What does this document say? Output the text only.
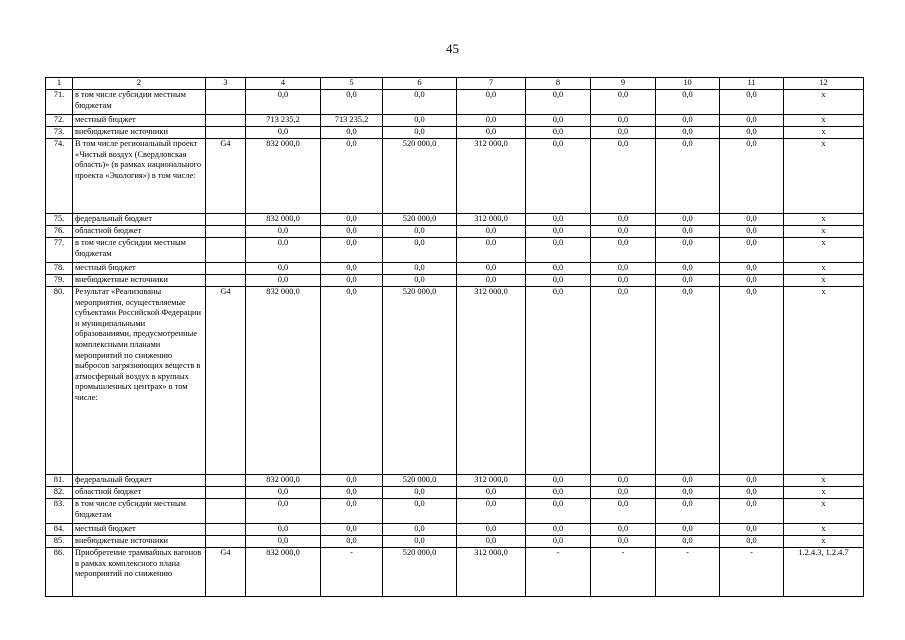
45
1	2	3	4	5	6	7	8	9	10	11	12
71.	в том числе субсидии местным бюджетам		0,0	0,0	0,0	0,0	0,0	0,0	0,0	0,0	х
72.	местный бюджет		713 235,2	713 235,2	0,0	0,0	0,0	0,0	0,0	0,0	х
73.	внебюджетные источники		0,0	0,0	0,0	0,0	0,0	0,0	0,0	0,0	х
74.	В том числе региональный проект «Чистый воздух (Свердловская область)» (в рамках национального проекта «Экология») в том числе:	G4	832 000,0	0,0	520 000,0	312 000,0	0,0	0,0	0,0	0,0	х
75.	федеральный бюджет		832 000,0	0,0	520 000,0	312 000,0	0,0	0,0	0,0	0,0	х
76.	областной бюджет		0,0	0,0	0,0	0,0	0,0	0,0	0,0	0,0	х
77.	в том числе субсидии местным бюджетам		0,0	0,0	0,0	0,0	0,0	0,0	0,0	0,0	х
78.	местный бюджет		0,0	0,0	0,0	0,0	0,0	0,0	0,0	0,0	х
79.	внебюджетные источники		0,0	0,0	0,0	0,0	0,0	0,0	0,0	0,0	х
80.	Результат «Реализованы мероприятия, осуществляемые субъектами Российской Федерации и муниципальными образованиями, предусмотренные комплексными планами мероприятий по снижению выбросов загрязняющих веществ в атмосферный воздух в крупных промышленных центрах» в том числе:	G4	832 000,0	0,0	520 000,0	312 000,0	0,0	0,0	0,0	0,0	х
81.	федеральный бюджет		832 000,0	0,0	520 000,0	312 000,0	0,0	0,0	0,0	0,0	х
82.	областной бюджет		0,0	0,0	0,0	0,0	0,0	0,0	0,0	0,0	х
83.	в том числе субсидии местным бюджетам		0,0	0,0	0,0	0,0	0,0	0,0	0,0	0,0	х
84.	местный бюджет		0,0	0,0	0,0	0,0	0,0	0,0	0,0	0,0	х
85.	внебюджетные источники		0,0	0,0	0,0	0,0	0,0	0,0	0,0	0,0	х
86.	Приобретение трамвайных вагонов в рамках комплексного плана мероприятий по снижению	G4	832 000,0	-	520 000,0	312 000,0	-	-	-	-	1.2.4.3, 1.2.4.7
